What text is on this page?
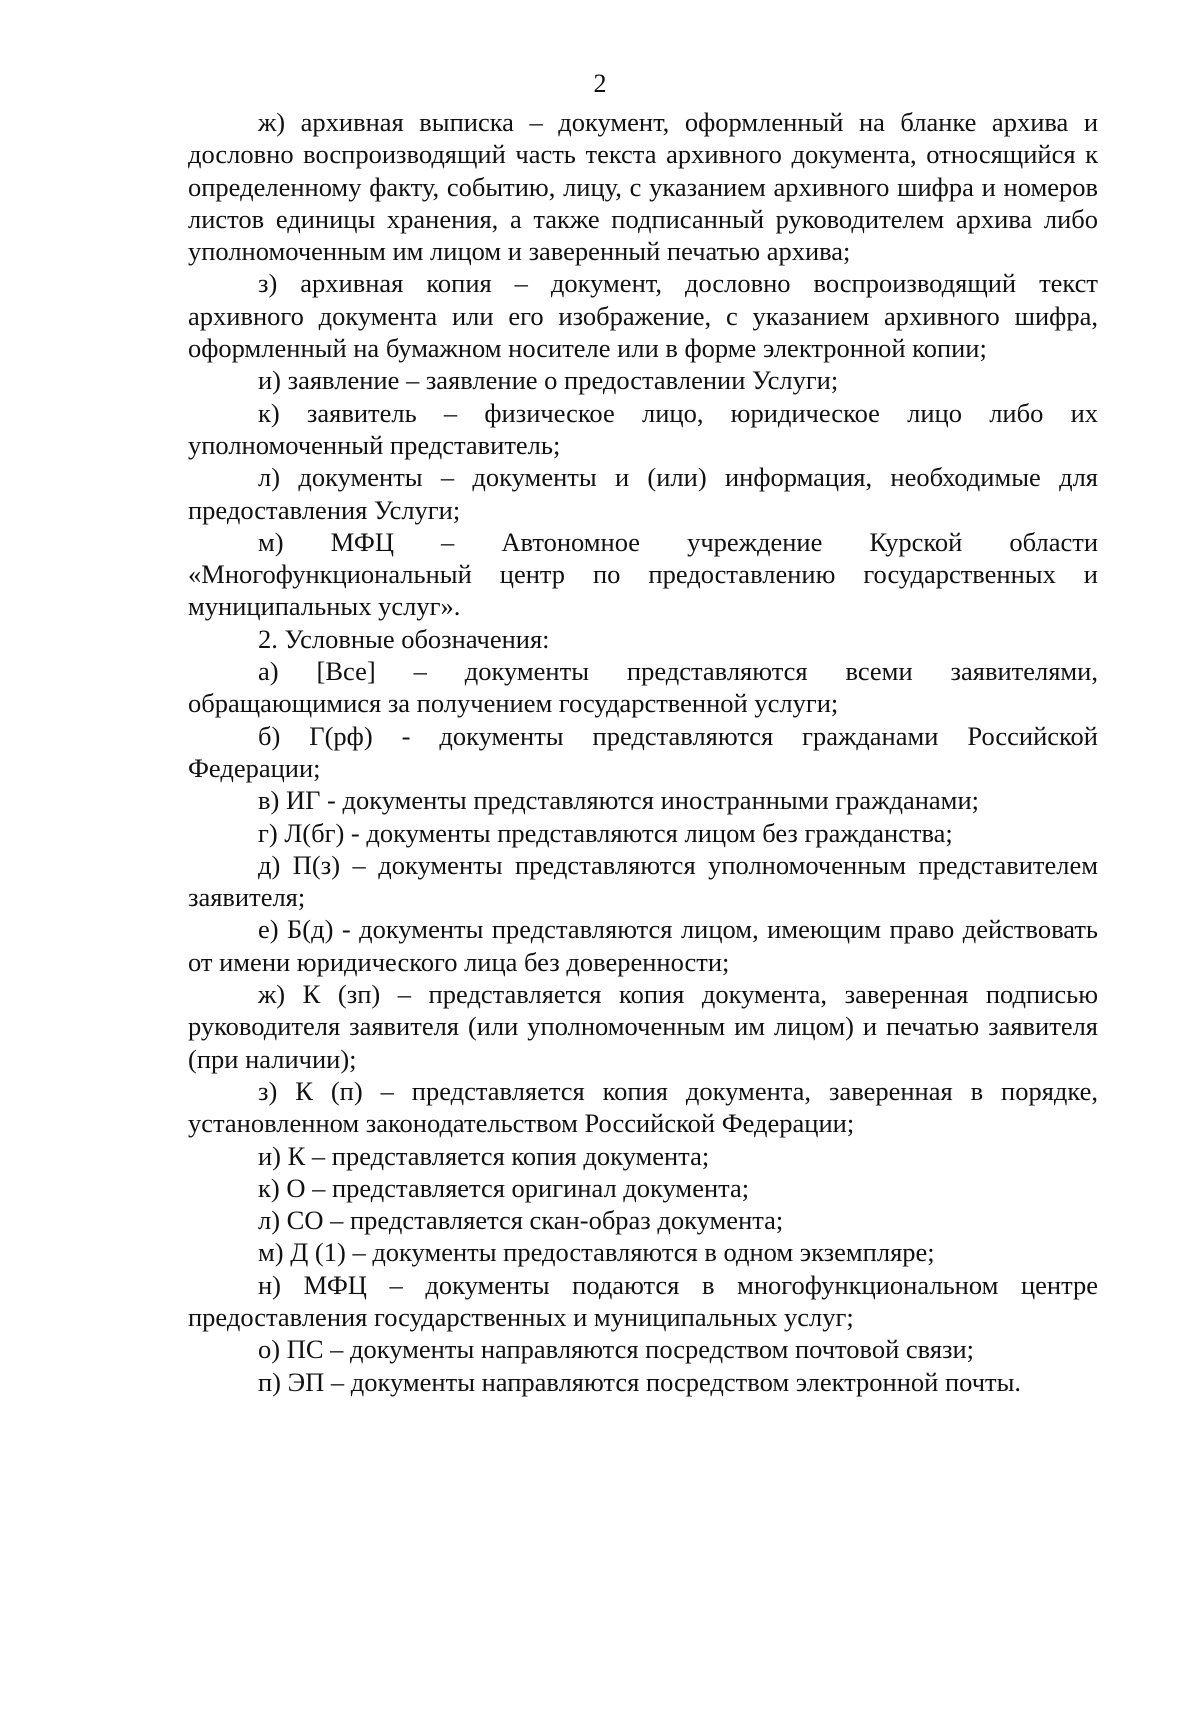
2

ж) архивная выписка – документ, оформленный на бланке архива и дословно воспроизводящий часть текста архивного документа, относящийся к определенному факту, событию, лицу, с указанием архивного шифра и номеров листов единицы хранения, а также подписанный руководителем архива либо уполномоченным им лицом и заверенный печатью архива;

з) архивная копия – документ, дословно воспроизводящий текст архивного документа или его изображение, с указанием архивного шифра, оформленный на бумажном носителе или в форме электронной копии;

и) заявление – заявление о предоставлении Услуги;

к) заявитель – физическое лицо, юридическое лицо либо их уполномоченный представитель;

л) документы – документы и (или) информация, необходимые для предоставления Услуги;

м) МФЦ – Автономное учреждение Курской области «Многофункциональный центр по предоставлению государственных и муниципальных услуг».

2. Условные обозначения:

а) [Все] – документы представляются всеми заявителями, обращающимися за получением государственной услуги;

б) Г(рф) - документы представляются гражданами Российской Федерации;

в) ИГ - документы представляются иностранными гражданами;

г) Л(бг) - документы представляются лицом без гражданства;

д) П(з) – документы представляются уполномоченным представителем заявителя;

е) Б(д) - документы представляются лицом, имеющим право действовать от имени юридического лица без доверенности;

ж) К (зп) – представляется копия документа, заверенная подписью руководителя заявителя (или уполномоченным им лицом) и печатью заявителя (при наличии);

з) К (п) – представляется копия документа, заверенная в порядке, установленном законодательством Российской Федерации;

и) К – представляется копия документа;

к) О – представляется оригинал документа;

л) СО – представляется скан-образ документа;

м) Д (1) – документы предоставляются в одном экземпляре;

н) МФЦ – документы подаются в многофункциональном центре предоставления государственных и муниципальных услуг;

о) ПС – документы направляются посредством почтовой связи;

п) ЭП – документы направляются посредством электронной почты.
